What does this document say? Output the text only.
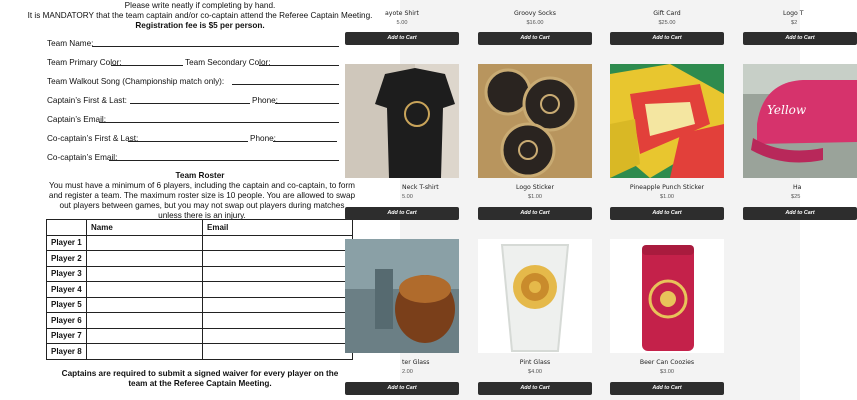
Please write neatly if completing by hand.
It is MANDATORY that the team captain and/or co-captain attend the Referee Captain Meeting.
Registration fee is $5 per person.
Team Name:
Team Primary Color:	Team Secondary Color:
Team Walkout Song (Championship match only):
Captain’s First & Last:	Phone:
Captain’s Email:
Co-captain’s First & Last:	Phone:
Co-captain’s Email:
Team Roster
You must have a minimum of 6 players, including the captain and co-captain, to form and register a team. The maximum roster size is 10 people. You are allowed to swap out players between games, but you may not swap out players during matches unless there is an injury.
	Name	Email
Player 1		
Player 2		
Player 3		
Player 4		
Player 5		
Player 6		
Player 7		
Player 8		
Captains are required to submit a signed waiver for every player on the team at the Referee Captain Meeting.
ayote Shirt
5.00
Add to Cart
Groovy Socks
$16.00
Add to Cart
Gift Card
$25.00
Add to Cart
Logo T
$2
Add to Cart
Neck T-shirt
5.00
Add to Cart
Logo Sticker
$1.00
Add to Cart
Pineapple Punch Sticker
$1.00
Add to Cart
Yellow
Ha
$25
Add to Cart
ter Glass
2.00
Add to Cart
Pint Glass
$4.00
Add to Cart
Beer Can Coozies
$3.00
Add to Cart
